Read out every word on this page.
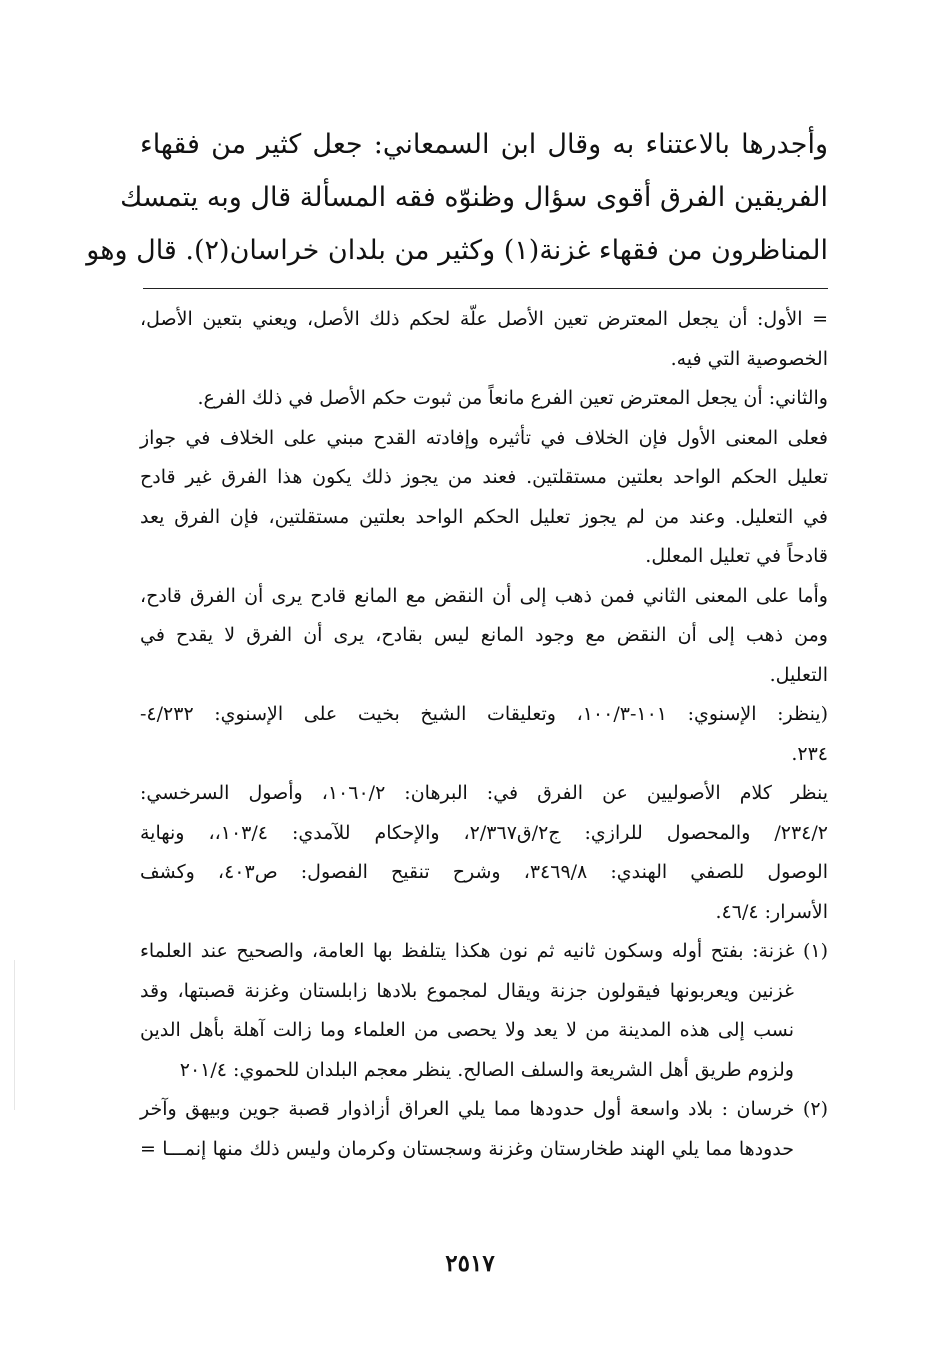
وأجدرها بالاعتناء به وقال ابن السمعاني: جعل كثير من فقهاء
الفريقين الفرق أقوى سؤال وظنوّه فقه المسألة قال وبه يتمسك
المناظرون من فقهاء غزنة(١) وكثير من بلدان خراسان(٢). قال وهو
= الأول: أن يجعل المعترض تعين الأصل علّة لحكم ذلك الأصل، ويعني بتعين الأصل،
الخصوصية التي فيه.
والثاني: أن يجعل المعترض تعين الفرع مانعاً من ثبوت حكم الأصل في ذلك الفرع.
فعلى المعنى الأول فإن الخلاف في تأثيره وإفادته القدح مبني على الخلاف في جواز
تعليل الحكم الواحد بعلتين مستقلتين. فعند من يجوز ذلك يكون هذا الفرق غير قادح
في التعليل. وعند من لم يجوز تعليل الحكم الواحد بعلتين مستقلتين، فإن الفرق يعد
قادحاً في تعليل المعلل.
وأما على المعنى الثاني فمن ذهب إلى أن النقض مع المانع قادح يرى أن الفرق قادح،
ومن ذهب إلى أن النقض مع وجود المانع ليس بقادح، يرى أن الفرق لا يقدح في
التعليل.
(ينظر: الإسنوي: ١٠١-١٠٠/٣، وتعليقات الشيخ بخيت على الإسنوي: ٤/٢٣٢-
٢٣٤.
ينظر كلام الأصوليين عن الفرق في: البرهان: ١٠٦٠/٢، وأصول السرخسي:
٢٣٤/٢/ والمحصول للرازي: ج٢/ق٢/٣٦٧، والإحكام للآمدي: ١٠٣/٤،، ونهاية
الوصول للصفي الهندي: ٣٤٦٩/٨، وشرح تنقيح الفصول: ص٤٠٣، وكشف
الأسرار: ٤٦/٤.
(١) غزنة: بفتح أوله وسكون ثانيه ثم نون هكذا يتلفظ بها العامة، والصحيح عند العلماء
غزنين ويعربونها فيقولون جزنة ويقال لمجموع بلادها زابلستان وغزنة قصبتها، وقد
نسب إلى هذه المدينة من لا يعد ولا يحصى من العلماء وما زالت آهلة بأهل الدين
ولزوم طريق أهل الشريعة والسلف الصالح. ينظر معجم البلدان للحموي: ٢٠١/٤
(٢) خرسان : بلاد واسعة أول حدودها مما يلي العراق أزاذوار قصبة جوين وبيهق وآخر
حدودها مما يلي الهند طخارستان وغزنة وسجستان وكرمان وليس ذلك منها إنمـــا =
٢٥١٧
